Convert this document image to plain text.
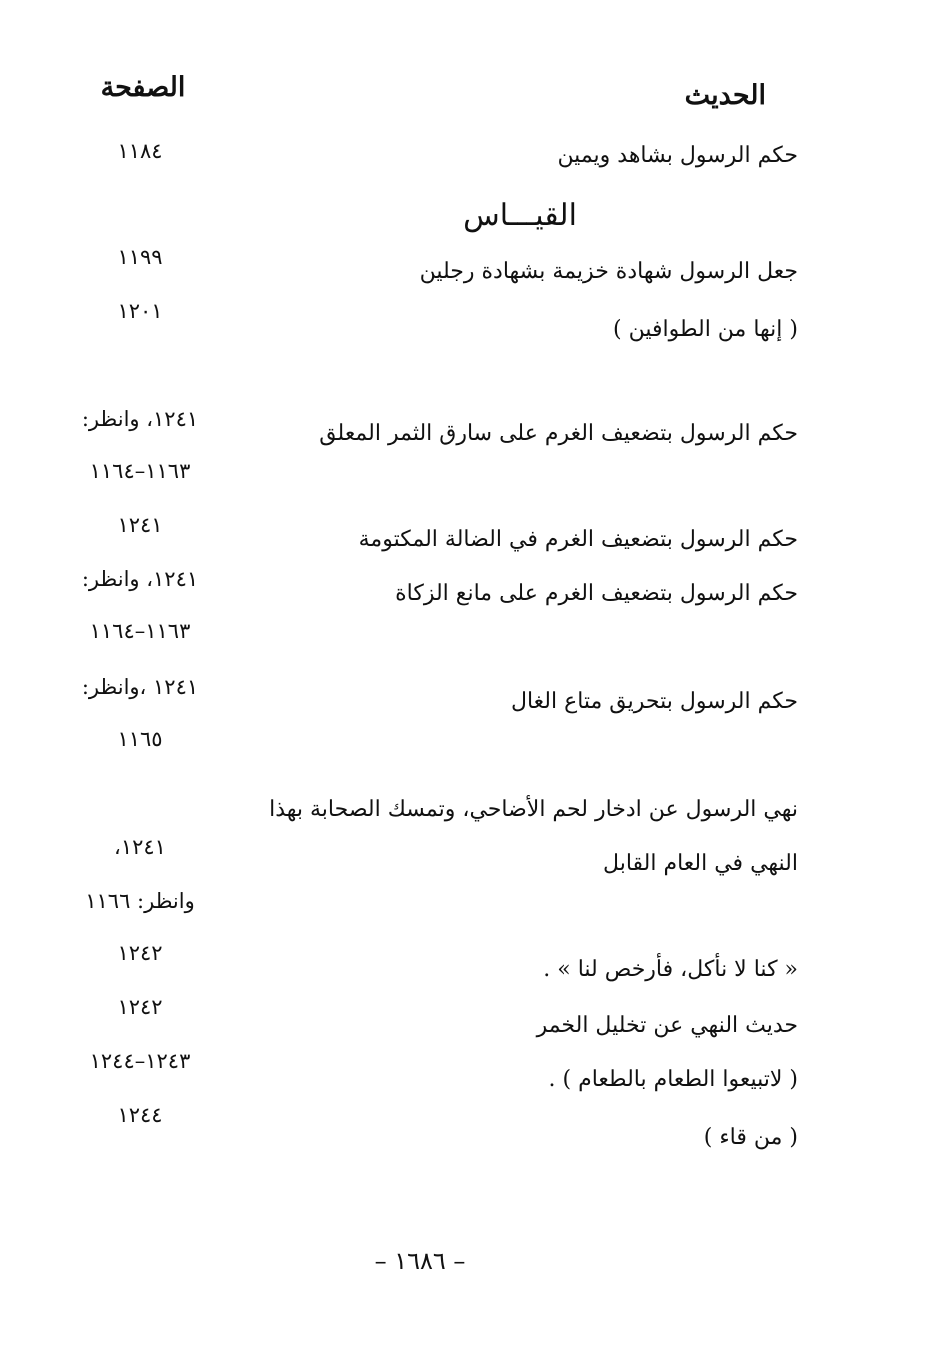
الحديث
الصفحة
حكم الرسول بشاهد ويمين
١١٨٤
القيـــاس
جعل الرسول شهادة خزيمة بشهادة رجلين
١١٩٩
( إنها من الطوافين )
١٢٠١
حكم الرسول بتضعيف الغرم على سارق الثمر المعلق
١٢٤١، وانظر:
١١٦٣–١١٦٤
حكم الرسول بتضعيف الغرم في الضالة المكتومة
١٢٤١
حكم الرسول بتضعيف الغرم على مانع الزكاة
١٢٤١، وانظر:
١١٦٣–١١٦٤
حكم الرسول بتحريق متاع الغال
١٢٤١ ،وانظر:
١١٦٥
نهي الرسول عن ادخار لحم الأضاحي، وتمسك الصحابة بهذا
النهي في العام القابل
١٢٤١،
وانظر: ١١٦٦
« كنا لا نأكل، فأرخص لنا » .
١٢٤٢
حديث النهي عن تخليل الخمر
١٢٤٢
( لاتبيعوا الطعام بالطعام ) .
١٢٤٣–١٢٤٤
( من قاء )
١٢٤٤
– ١٦٨٦ –
